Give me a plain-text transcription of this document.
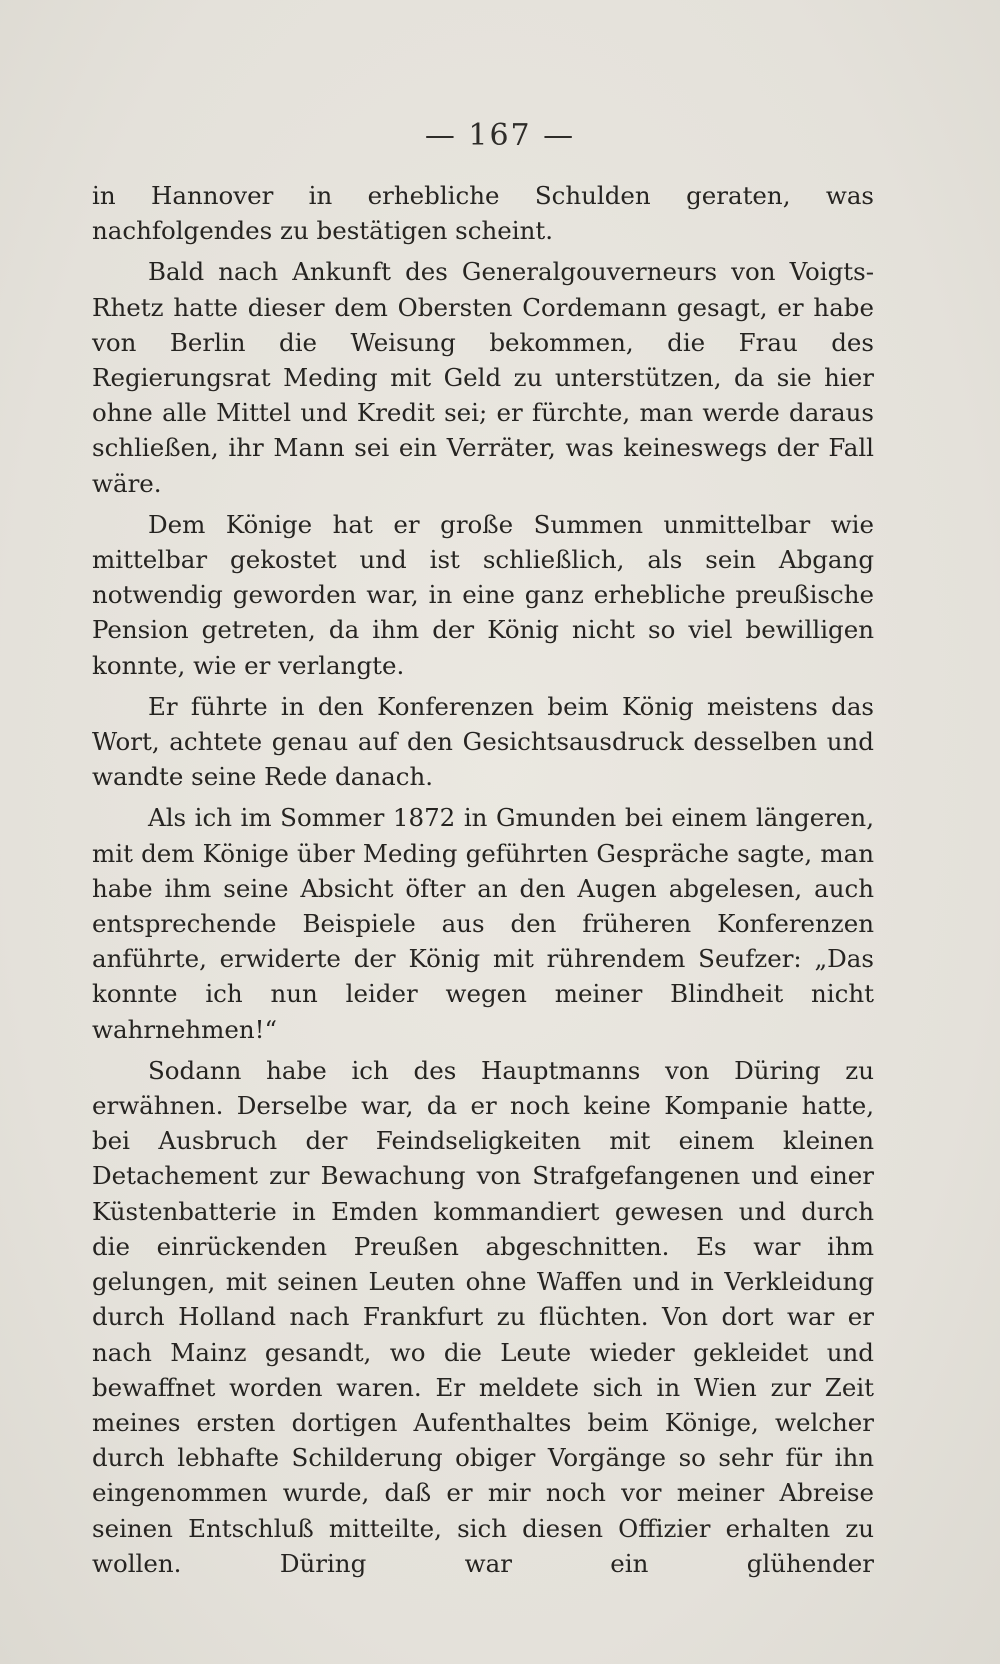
— 167 —

in Hannover in erhebliche Schulden geraten, was nachfolgendes zu bestätigen scheint.

Bald nach Ankunft des Generalgouverneurs von Voigts-Rhetz hatte dieser dem Obersten Cordemann gesagt, er habe von Berlin die Weisung bekommen, die Frau des Regierungsrat Meding mit Geld zu unterstützen, da sie hier ohne alle Mittel und Kredit sei; er fürchte, man werde daraus schließen, ihr Mann sei ein Verräter, was keineswegs der Fall wäre.

Dem Könige hat er große Summen unmittelbar wie mittelbar gekostet und ist schließlich, als sein Abgang notwendig geworden war, in eine ganz erhebliche preußische Pension getreten, da ihm der König nicht so viel bewilligen konnte, wie er verlangte.

Er führte in den Konferenzen beim König meistens das Wort, achtete genau auf den Gesichtsausdruck desselben und wandte seine Rede danach.

Als ich im Sommer 1872 in Gmunden bei einem längeren, mit dem Könige über Meding geführten Gespräche sagte, man habe ihm seine Absicht öfter an den Augen abgelesen, auch entsprechende Beispiele aus den früheren Konferenzen anführte, erwiderte der König mit rührendem Seufzer: „Das konnte ich nun leider wegen meiner Blindheit nicht wahrnehmen!“

Sodann habe ich des Hauptmanns von Düring zu erwähnen. Derselbe war, da er noch keine Kompanie hatte, bei Ausbruch der Feindseligkeiten mit einem kleinen Detachement zur Bewachung von Strafgefangenen und einer Küstenbatterie in Emden kommandiert gewesen und durch die einrückenden Preußen abgeschnitten. Es war ihm gelungen, mit seinen Leuten ohne Waffen und in Verkleidung durch Holland nach Frankfurt zu flüchten. Von dort war er nach Mainz gesandt, wo die Leute wieder gekleidet und bewaffnet worden waren. Er meldete sich in Wien zur Zeit meines ersten dortigen Aufenthaltes beim Könige, welcher durch lebhafte Schilderung obiger Vorgänge so sehr für ihn eingenommen wurde, daß er mir noch vor meiner Abreise seinen Entschluß mitteilte, sich diesen Offizier erhalten zu wollen. Düring war ein glühender
